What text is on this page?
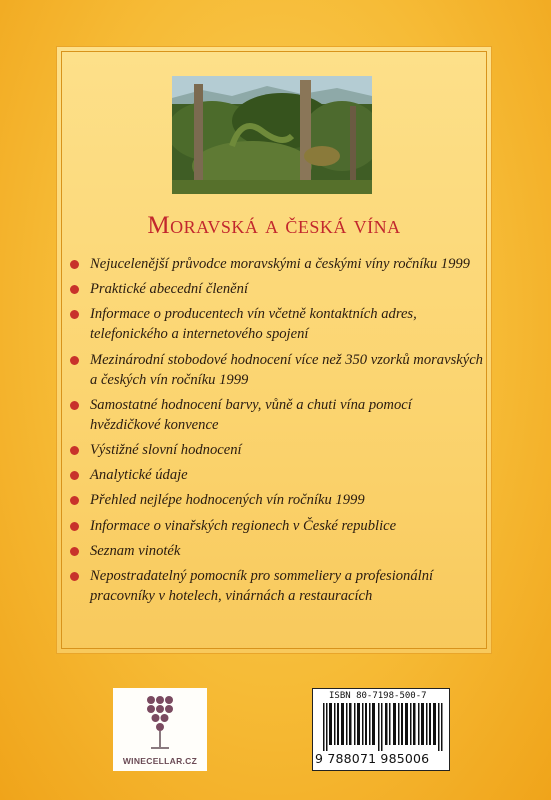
Moravská a česká vína
Nejucelenější průvodce moravskými a českými víny ročníku 1999
Praktické abecední členění
Informace o producentech vín včetně kontaktních adres, telefonického a internetového spojení
Mezinárodní stobodové hodnocení více než 350 vzorků moravských a českých vín ročníku 1999
Samostatné hodnocení barvy, vůně a chuti vína pomocí hvězdičkové konvence
Výstižné slovní hodnocení
Analytické údaje
Přehled nejlépe hodnocených vín ročníku 1999
Informace o vinařských regionech v České republice
Seznam vinoték
Nepostradatelný pomocník pro sommeliery a profesionální pracovníky v hotelech, vinárnách a restauracích
WINECELLAR.CZ
ISBN 80-7198-500-7
9 788071 985006
